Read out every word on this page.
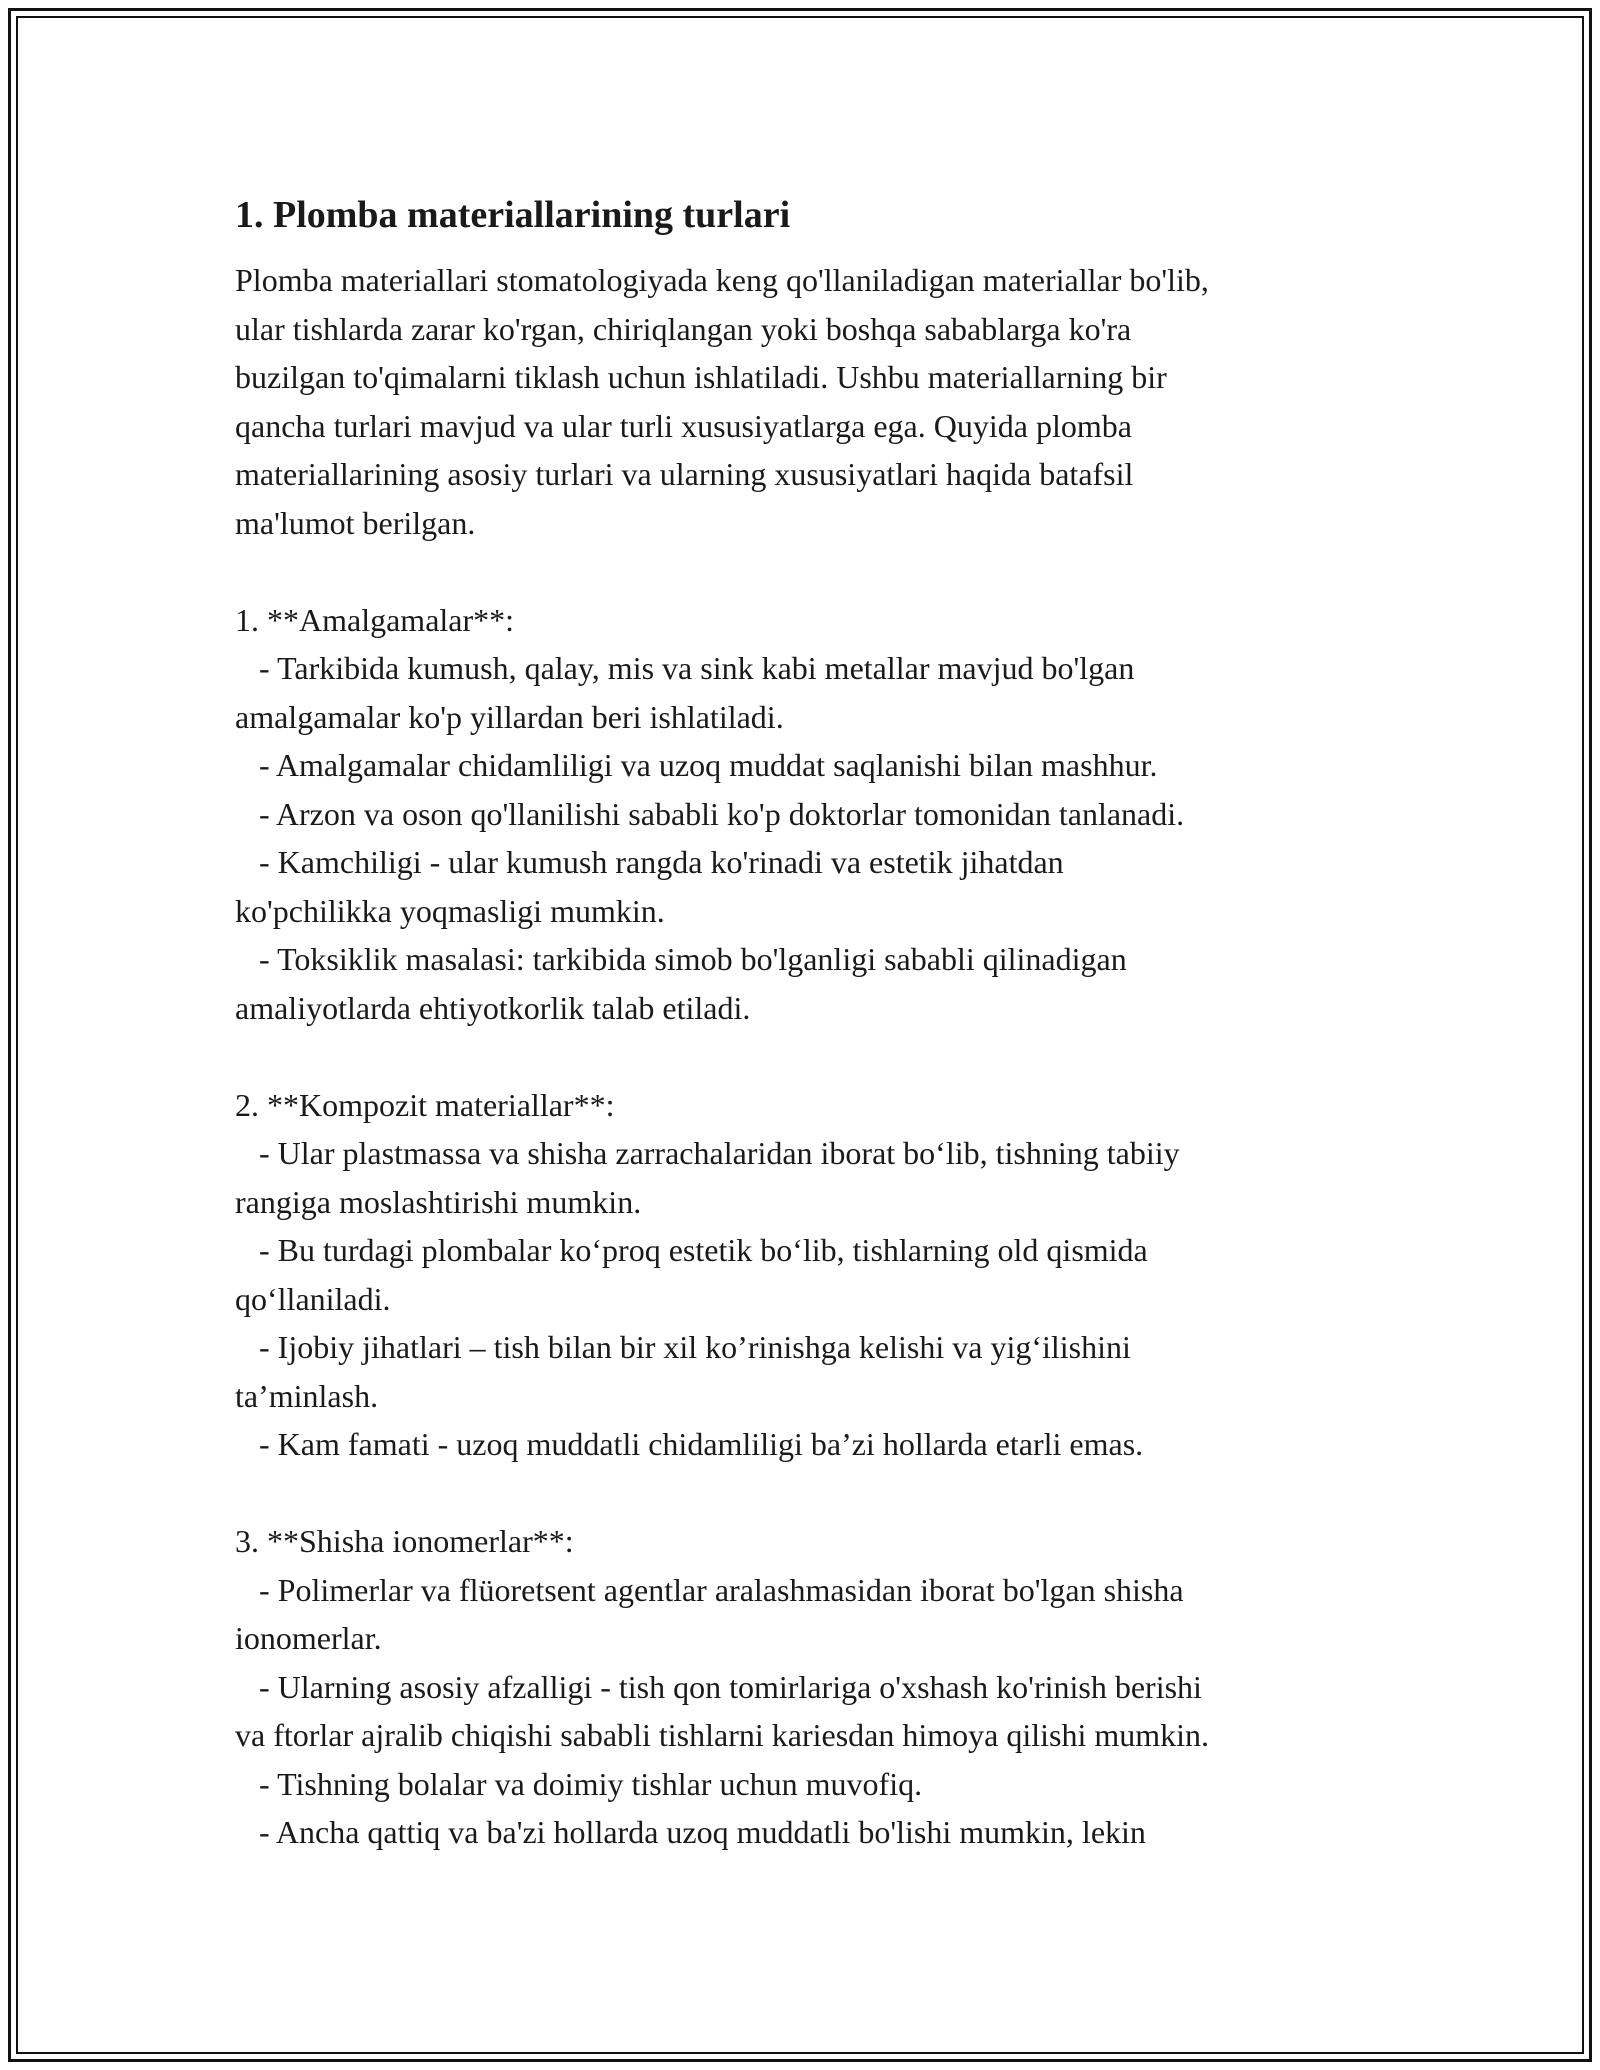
1. Plomba materiallarining turlari

Plomba materiallari stomatologiyada keng qo'llaniladigan materiallar bo'lib,
ular tishlarda zarar ko'rgan, chiriqlangan yoki boshqa sabablarga ko'ra
buzilgan to'qimalarni tiklash uchun ishlatiladi. Ushbu materiallarning bir
qancha turlari mavjud va ular turli xususiyatlarga ega. Quyida plomba
materiallarining asosiy turlari va ularning xususiyatlari haqida batafsil
ma'lumot berilgan.

1. **Amalgamalar**:

- Tarkibida kumush, qalay, mis va sink kabi metallar mavjud bo'lgan
amalgamalar ko'p yillardan beri ishlatiladi.

- Amalgamalar chidamliligi va uzoq muddat saqlanishi bilan mashhur.

- Arzon va oson qo'llanilishi sababli ko'p doktorlar tomonidan tanlanadi.

- Kamchiligi - ular kumush rangda ko'rinadi va estetik jihatdan
ko'pchilikka yoqmasligi mumkin.

- Toksiklik masalasi: tarkibida simob bo'lganligi sababli qilinadigan
amaliyotlarda ehtiyotkorlik talab etiladi.

2. **Kompozit materiallar**:

- Ular plastmassa va shisha zarrachalaridan iborat bo‘lib, tishning tabiiy
rangiga moslashtirishi mumkin.

- Bu turdagi plombalar ko‘proq estetik bo‘lib, tishlarning old qismida
qo‘llaniladi.

- Ijobiy jihatlari – tish bilan bir xil ko’rinishga kelishi va yig‘ilishini
ta’minlash.

- Kam famati - uzoq muddatli chidamliligi ba’zi hollarda etarli emas.

3. **Shisha ionomerlar**:

- Polimerlar va flüoretsent agentlar aralashmasidan iborat bo'lgan shisha
ionomerlar.

- Ularning asosiy afzalligi - tish qon tomirlariga o'xshash ko'rinish berishi
va ftorlar ajralib chiqishi sababli tishlarni kariesdan himoya qilishi mumkin.

- Tishning bolalar va doimiy tishlar uchun muvofiq.

- Ancha qattiq va ba'zi hollarda uzoq muddatli bo'lishi mumkin, lekin
